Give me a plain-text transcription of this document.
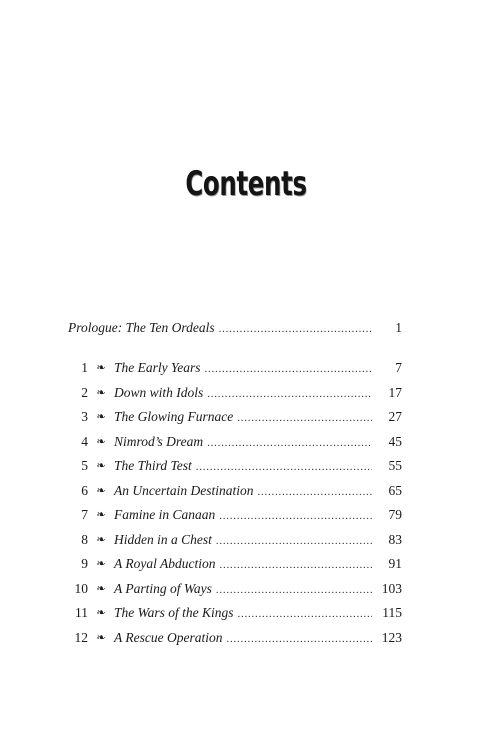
Contents
Prologue: The Ten Ordeals . . .	1
1 ❧ The Early Years . . .	7
2 ❧ Down with Idols . . .	17
3 ❧ The Glowing Furnace . . .	27
4 ❧ Nimrod’s Dream . . .	45
5 ❧ The Third Test . . .	55
6 ❧ An Uncertain Destination . . .	65
7 ❧ Famine in Canaan . . .	79
8 ❧ Hidden in a Chest . . .	83
9 ❧ A Royal Abduction . . .	91
10 ❧ A Parting of Ways . . .	103
11 ❧ The Wars of the Kings . . .	115
12 ❧ A Rescue Operation . . .	123
